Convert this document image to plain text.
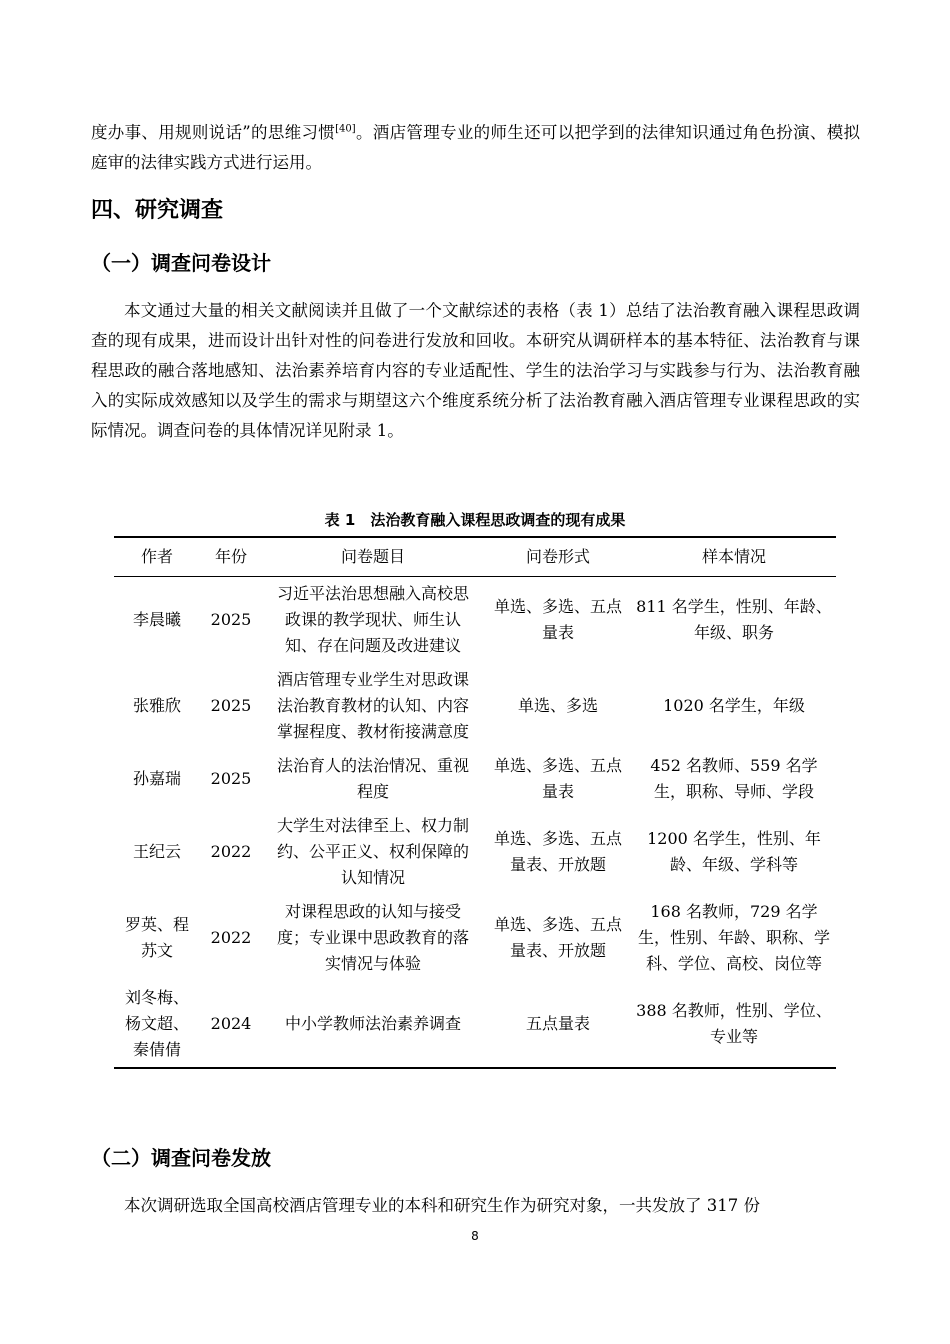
度办事、用规则说话”的思维习惯[40]。酒店管理专业的师生还可以把学到的法律知识通过角色扮演、模拟庭审的法律实践方式进行运用。
四、研究调查
（一）调查问卷设计
本文通过大量的相关文献阅读并且做了一个文献综述的表格（表 1）总结了法治教育融入课程思政调查的现有成果，进而设计出针对性的问卷进行发放和回收。本研究从调研样本的基本特征、法治教育与课程思政的融合落地感知、法治素养培育内容的专业适配性、学生的法治学习与实践参与行为、法治教育融入的实际成效感知以及学生的需求与期望这六个维度系统分析了法治教育融入酒店管理专业课程思政的实际情况。调查问卷的具体情况详见附录 1。
表 1　法治教育融入课程思政调查的现有成果
作者	年份	问卷题目	问卷形式	样本情况
李晨曦	2025	习近平法治思想融入高校思政课的教学现状、师生认知、存在问题及改进建议	单选、多选、五点量表	811 名学生，性别、年龄、年级、职务
张雅欣	2025	酒店管理专业学生对思政课法治教育教材的认知、内容掌握程度、教材衔接满意度	单选、多选	1020 名学生，年级
孙嘉瑞	2025	法治育人的法治情况、重视程度	单选、多选、五点量表	452 名教师、559 名学生，职称、导师、学段
王纪云	2022	大学生对法律至上、权力制约、公平正义、权利保障的认知情况	单选、多选、五点量表、开放题	1200 名学生，性别、年龄、年级、学科等
罗英、程苏文	2022	对课程思政的认知与接受度；专业课中思政教育的落实情况与体验	单选、多选、五点量表、开放题	168 名教师，729 名学生，性别、年龄、职称、学科、学位、高校、岗位等
刘冬梅、杨文超、秦倩倩	2024	中小学教师法治素养调查	五点量表	388 名教师，性别、学位、专业等
（二）调查问卷发放
本次调研选取全国高校酒店管理专业的本科和研究生作为研究对象，一共发放了 317 份
8
